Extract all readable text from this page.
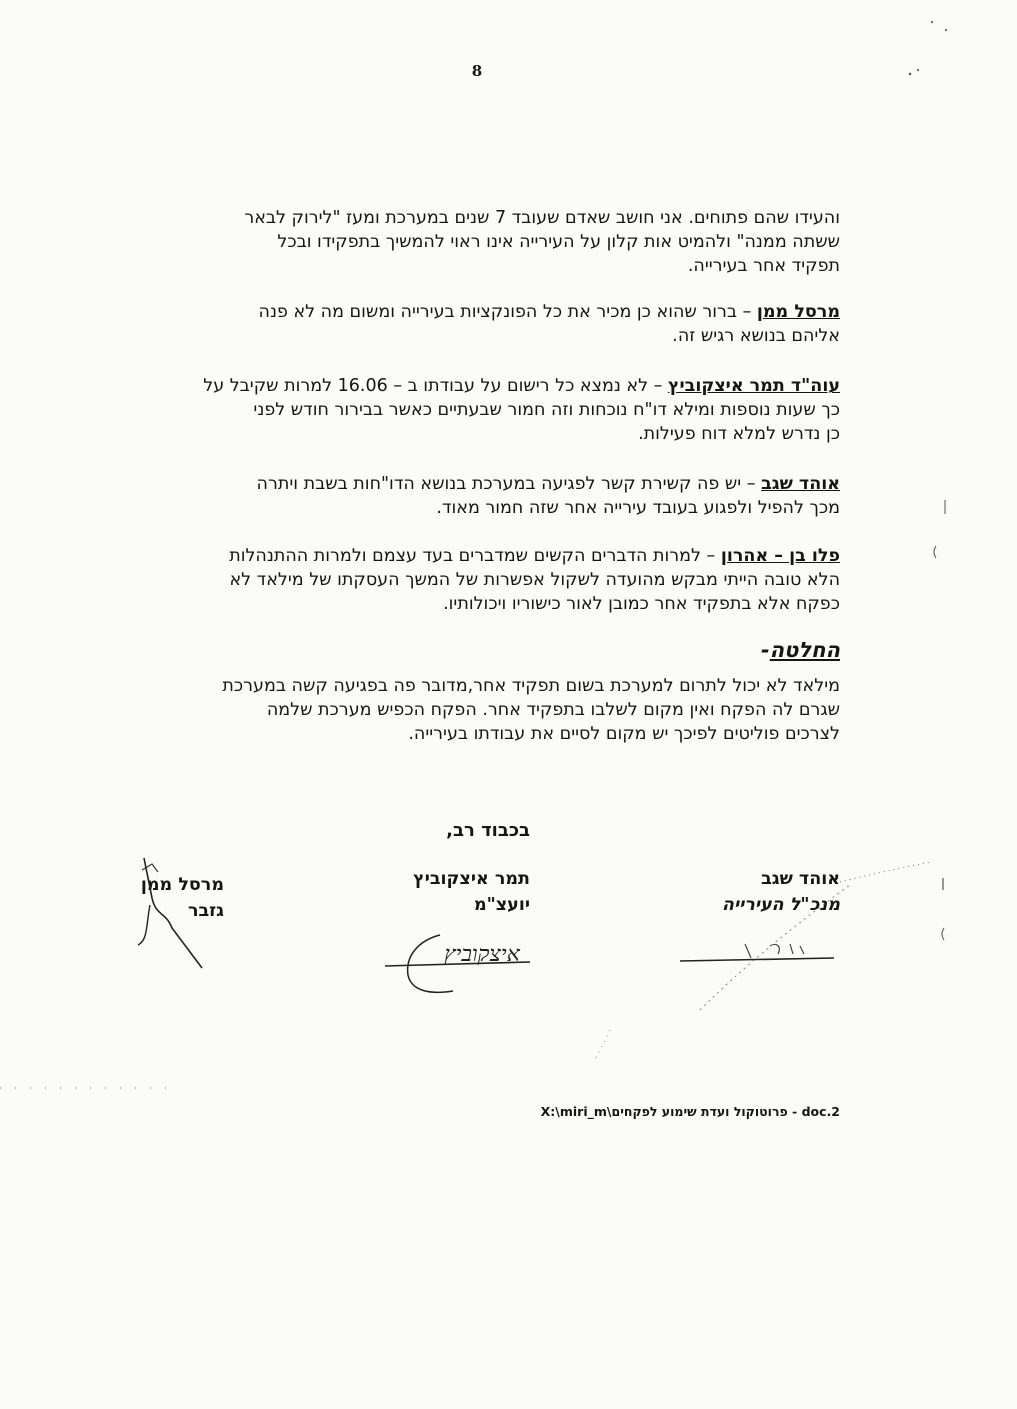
8

והעידו שהם פתוחים. אני חושב שאדם שעובד 7 שנים במערכת ומעז "לירוק לבאר

ששתה ממנה" ולהמיט אות קלון על העירייה אינו ראוי להמשיך בתפקידו ובכל

תפקיד אחר בעירייה.

מרסל ממן – ברור שהוא כן מכיר את כל הפונקציות בעירייה ומשום מה לא פנה

אליהם בנושא רגיש זה.

עוה"ד תמר איצקוביץ – לא נמצא כל רישום על עבודתו ב – 16.06 למרות שקיבל על

כך שעות נוספות ומילא דו"ח נוכחות וזה חמור שבעתיים כאשר בבירור חודש לפני

כן נדרש למלא דוח פעילות.

אוהד שגב – יש פה קשירת קשר לפגיעה במערכת בנושא הדו"חות בשבת ויתרה

מכך להפיל ולפגוע בעובד עירייה אחר שזה חמור מאוד.

פלו בן – אהרון – למרות הדברים הקשים שמדברים בעד עצמם ולמרות ההתנהלות

הלא טובה הייתי מבקש מהועדה לשקול אפשרות של המשך העסקתו של מילאד לא

כפקח אלא בתפקיד אחר כמובן לאור כישוריו ויכולותיו.

החלטה-

מילאד לא יכול לתרום למערכת בשום תפקיד אחר,מדובר פה בפגיעה קשה במערכת

שגרם לה הפקח ואין מקום לשלבו בתפקיד אחר. הפקח הכפיש מערכת שלמה

לצרכים פוליטים לפיכך יש מקום לסיים את עבודתו בעירייה.

בכבוד רב,
אוהד שגב
מנכ"ל העירייה
תמר איצקוביץ
יועצ"מ
מרסל ממן
גזבר
איצקוביץ
X:\miri_m\פרוטוקול ועדת שימוע לפקחים - doc.2
